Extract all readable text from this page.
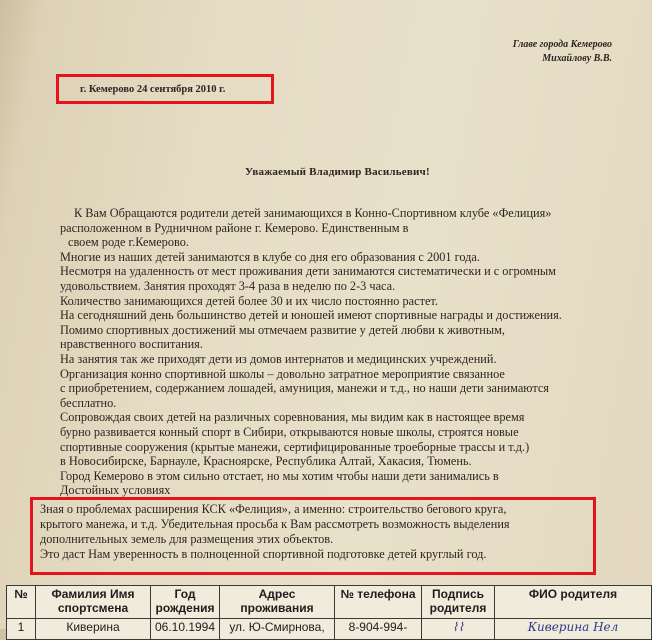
Главе города Кемерово
Михайлову В.В.
г. Кемерово 24 сентября 2010 г.
Уважаемый Владимир Васильевич!

К Вам Обращаются родители детей занимающихся в Конно-Спортивном клубе «Фелиция»

расположенном в Рудничном районе г. Кемерово. Единственным в

своем роде г.Кемерово.

Многие из наших детей занимаются в клубе со дня его образования с 2001 года.

Несмотря на удаленность от мест проживания дети занимаются систематически и с огромным

удовольствием. Занятия проходят 3-4 раза в неделю по 2-3 часа.

Количество занимающихся детей более 30 и их число постоянно растет.

На сегодняшний день большинство детей и юношей имеют спортивные награды и достижения.

Помимо спортивных достижений мы отмечаем развитие у детей любви к животным,

нравственного воспитания.

На занятия так же приходят дети из домов интернатов и медицинских учреждений.

Организация конно спортивной школы – довольно затратное мероприятие связанное

с приобретением, содержанием лошадей, амуниция, манежи и т.д., но наши дети занимаются

бесплатно.

Сопровождая своих детей на различных соревнования, мы видим как в настоящее время

бурно развивается конный спорт в Сибири, открываются новые школы, строятся новые

спортивные сооружения (крытые манежи, сертифицированные троеборные трассы и т.д.)

в Новосибирске, Барнауле, Красноярске, Республика Алтай, Хакасия, Тюмень.

Город Кемерово в этом сильно отстает, но мы хотим чтобы наши дети занимались в

Достойных условиях

Зная о проблемах расширения КСК «Фелиция», а именно: строительство бегового круга,

крытого манежа, и т.д. Убедительная просьба к Вам рассмотреть возможность выделения

дополнительных земель для размещения этих объектов.

Это даст Нам уверенность в полноценной спортивной подготовке детей круглый год.

№	Фамилия Имя спортсмена	Год рождения	Адрес проживания	№ телефона	Подпись родителя	ФИО родителя
1	Киверина	06.10.1994	ул. Ю-Смирнова,	8-904-994-	⌇⌇	Киверина Нел
